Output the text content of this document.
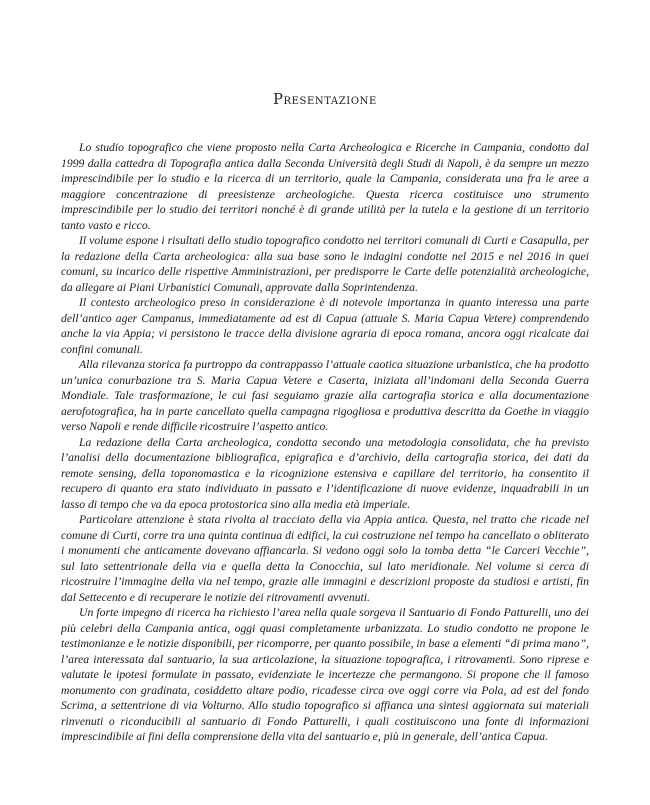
Presentazione

Lo studio topografico che viene proposto nella Carta Archeologica e Ricerche in Campania, condotto dal 1999 dalla cattedra di Topografia antica dalla Seconda Università degli Studi di Napoli, è da sempre un mezzo imprescindibile per lo studio e la ricerca di un territorio, quale la Campania, considerata una fra le aree a maggiore concentrazione di preesistenze archeologiche. Questa ricerca costituisce uno strumento imprescindibile per lo studio dei territori nonché è di grande utilità per la tutela e la gestione di un territorio tanto vasto e ricco.

Il volume espone i risultati dello studio topografico condotto nei territori comunali di Curti e Casapulla, per la redazione della Carta archeologica: alla sua base sono le indagini condotte nel 2015 e nel 2016 in quei comuni, su incarico delle rispettive Amministrazioni, per predisporre le Carte delle potenzialità archeologiche, da allegare ai Piani Urbanistici Comunali, approvate dalla Soprintendenza.

Il contesto archeologico preso in considerazione è di notevole importanza in quanto interessa una parte dell’antico ager Campanus, immediatamente ad est di Capua (attuale S. Maria Capua Vetere) comprendendo anche la via Appia; vi persistono le tracce della divisione agraria di epoca romana, ancora oggi ricalcate dai confini comunali.

Alla rilevanza storica fa purtroppo da contrappasso l’attuale caotica situazione urbanistica, che ha prodotto un’unica conurbazione tra S. Maria Capua Vetere e Caserta, iniziata all’indomani della Seconda Guerra Mondiale. Tale trasformazione, le cui fasi seguiamo grazie alla cartografia storica e alla documentazione aerofotografica, ha in parte cancellato quella campagna rigogliosa e produttiva descritta da Goethe in viaggio verso Napoli e rende difficile ricostruire l’aspetto antico.

La redazione della Carta archeologica, condotta secondo una metodologia consolidata, che ha previsto l’analisi della documentazione bibliografica, epigrafica e d’archivio, della cartografia storica, dei dati da remote sensing, della toponomastica e la ricognizione estensiva e capillare del territorio, ha consentito il recupero di quanto era stato individuato in passato e l’identificazione di nuove evidenze, inquadrabili in un lasso di tempo che va da epoca protostorica sino alla media età imperiale.

Particolare attenzione è stata rivolta al tracciato della via Appia antica. Questa, nel tratto che ricade nel comune di Curti, corre tra una quinta continua di edifici, la cui costruzione nel tempo ha cancellato o obliterato i monumenti che anticamente dovevano affiancarla. Si vedono oggi solo la tomba detta “le Carceri Vecchie”, sul lato settentrionale della via e quella detta la Conocchia, sul lato meridionale. Nel volume si cerca di ricostruire l’immagine della via nel tempo, grazie alle immagini e descrizioni proposte da studiosi e artisti, fin dal Settecento e di recuperare le notizie dei ritrovamenti avvenuti.

Un forte impegno di ricerca ha richiesto l’area nella quale sorgeva il Santuario di Fondo Patturelli, uno dei più celebri della Campania antica, oggi quasi completamente urbanizzata. Lo studio condotto ne propone le testimonianze e le notizie disponibili, per ricomporre, per quanto possibile, in base a elementi “di prima mano”, l’area interessata dal santuario, la sua articolazione, la situazione topografica, i ritrovamenti. Sono riprese e valutate le ipotesi formulate in passato, evidenziate le incertezze che permangono. Si propone che il famoso monumento con gradinata, cosiddetto altare podio, ricadesse circa ove oggi corre via Pola, ad est del fondo Scrima, a settentrione di via Volturno. Allo studio topografico si affianca una sintesi aggiornata sui materiali rinvenuti o riconducibili al santuario di Fondo Patturelli, i quali costituiscono una fonte di informazioni imprescindibile ai fini della comprensione della vita del santuario e, più in generale, dell’antica Capua.
